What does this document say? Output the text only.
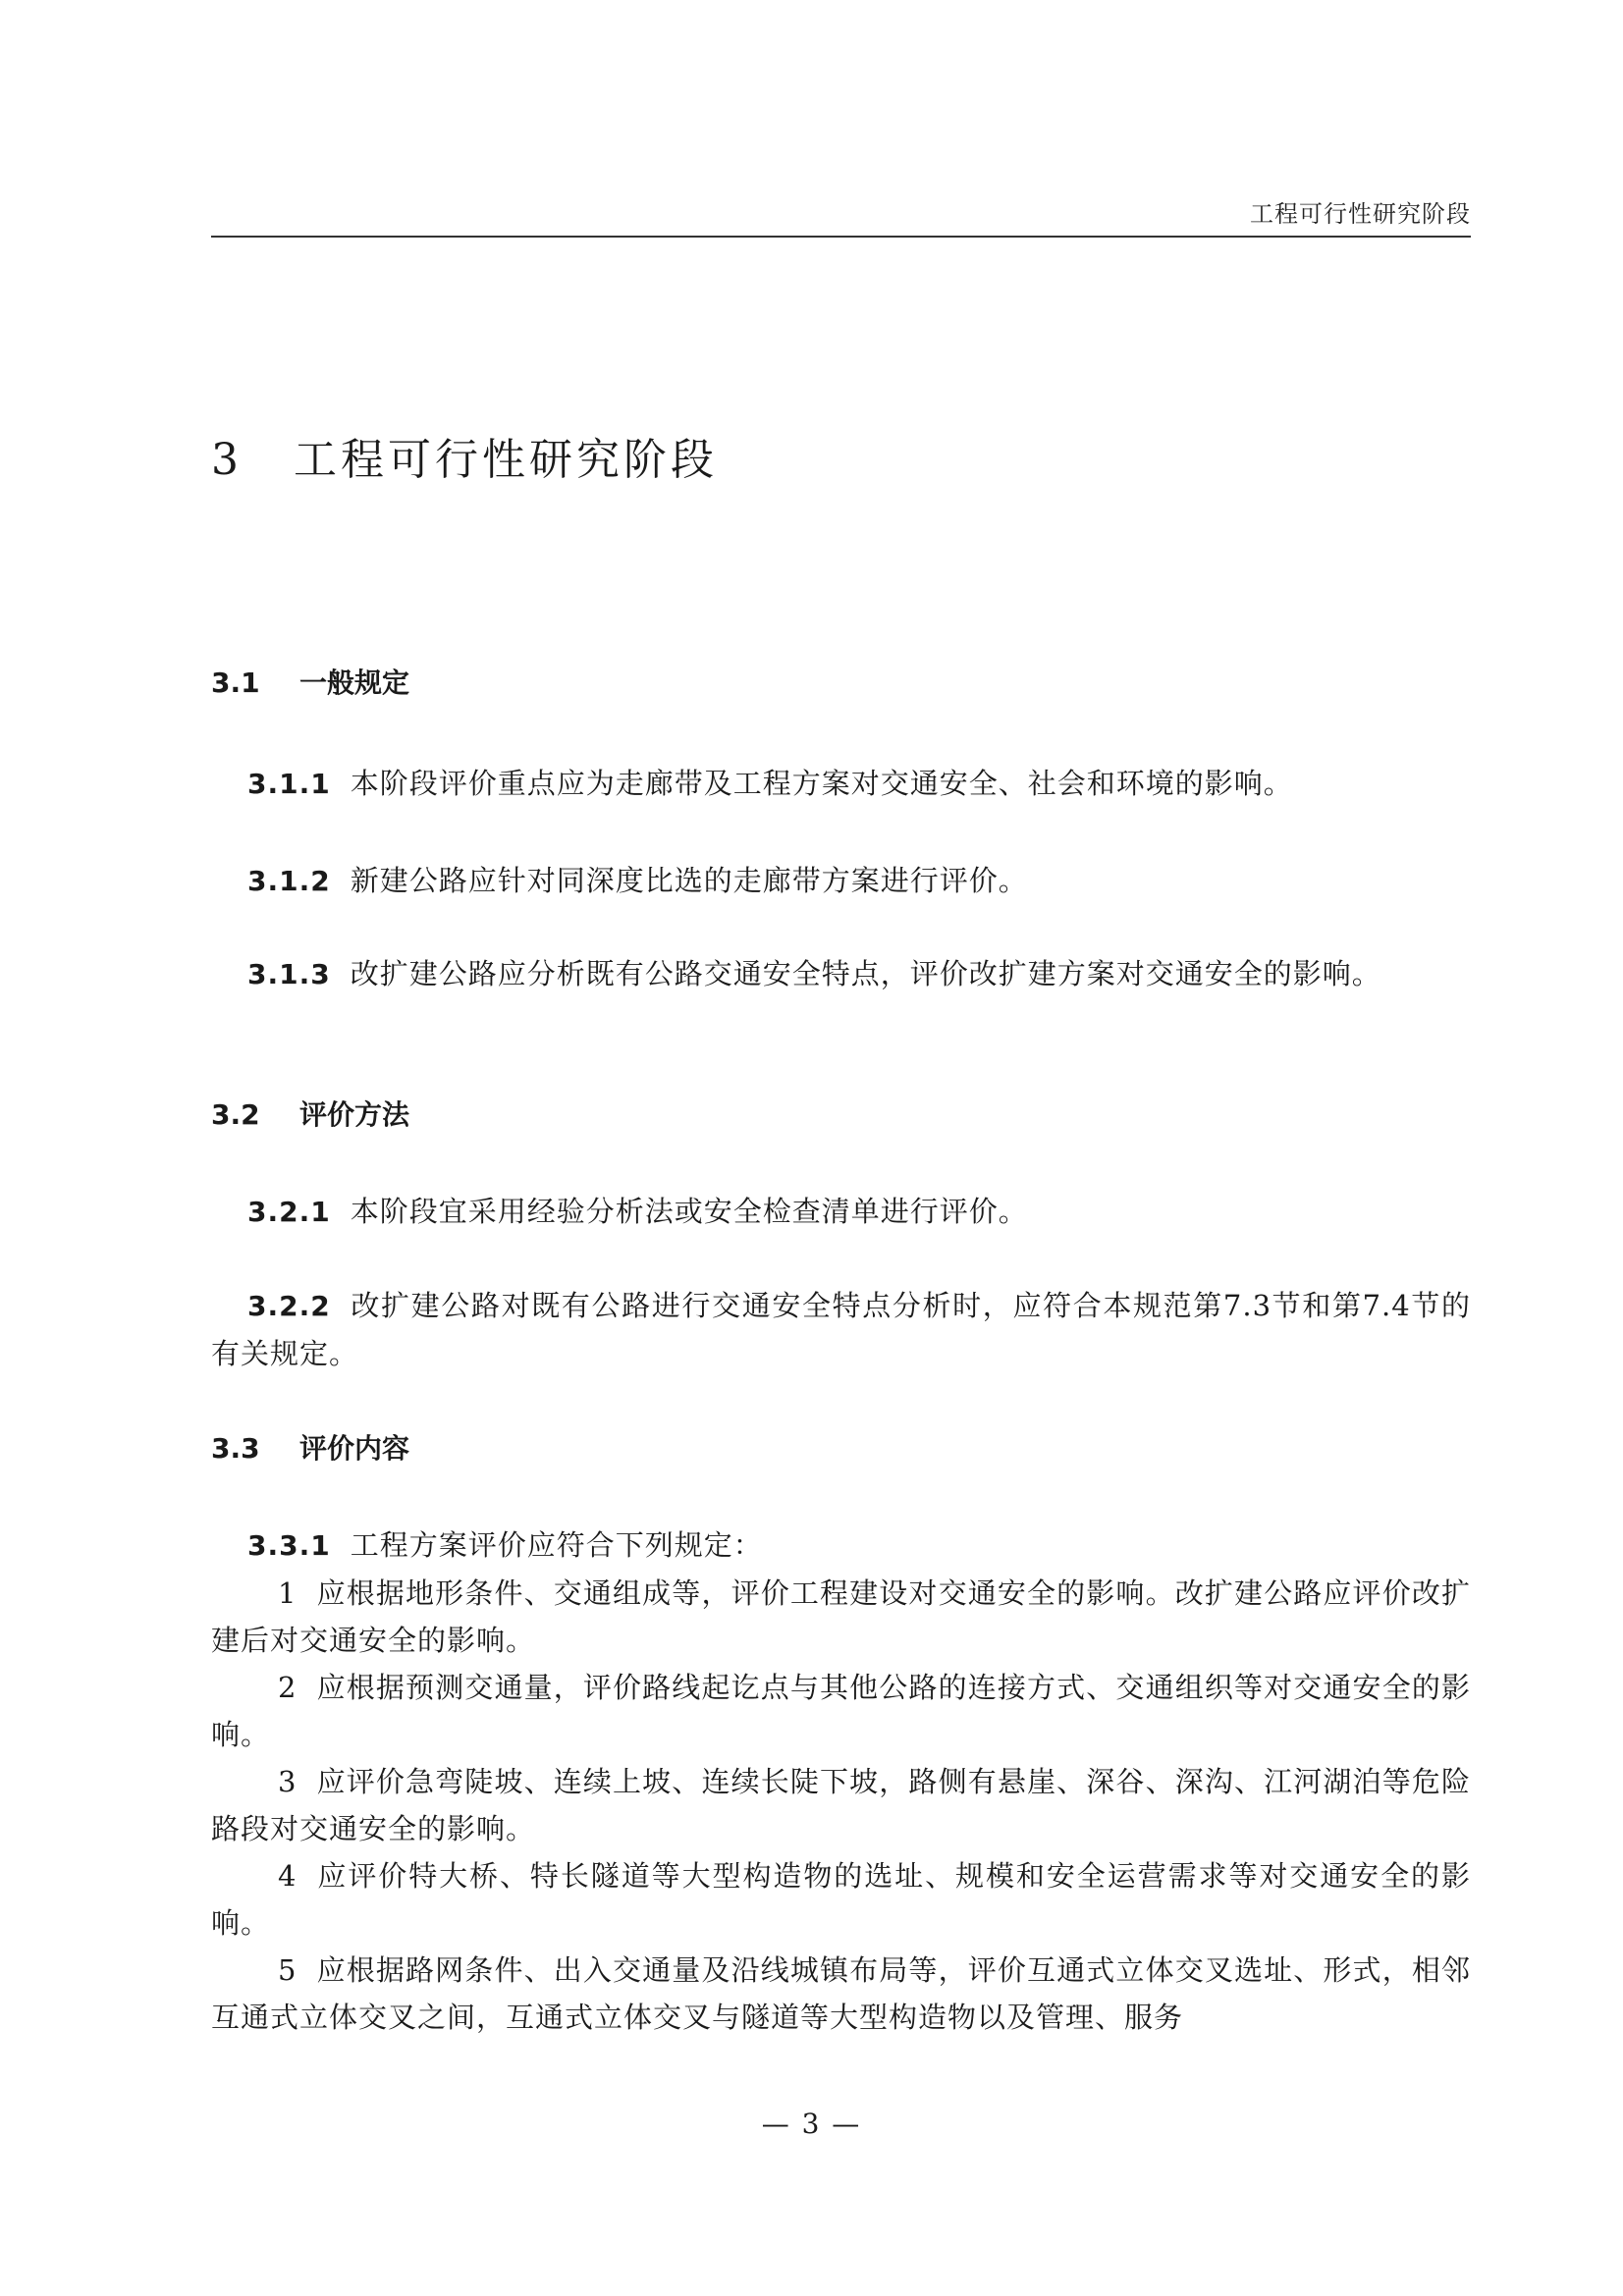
工程可行性研究阶段
3 工程可行性研究阶段
3.1 一般规定
3.1.1 本阶段评价重点应为走廊带及工程方案对交通安全、社会和环境的影响。
3.1.2 新建公路应针对同深度比选的走廊带方案进行评价。
3.1.3 改扩建公路应分析既有公路交通安全特点，评价改扩建方案对交通安全的影响。
3.2 评价方法
3.2.1 本阶段宜采用经验分析法或安全检查清单进行评价。
3.2.2 改扩建公路对既有公路进行交通安全特点分析时，应符合本规范第7.3节和第7.4节的有关规定。
3.3 评价内容
3.3.1 工程方案评价应符合下列规定：
1 应根据地形条件、交通组成等，评价工程建设对交通安全的影响。改扩建公路应评价改扩建后对交通安全的影响。
2 应根据预测交通量，评价路线起讫点与其他公路的连接方式、交通组织等对交通安全的影响。
3 应评价急弯陡坡、连续上坡、连续长陡下坡，路侧有悬崖、深谷、深沟、江河湖泊等危险路段对交通安全的影响。
4 应评价特大桥、特长隧道等大型构造物的选址、规模和安全运营需求等对交通安全的影响。
5 应根据路网条件、出入交通量及沿线城镇布局等，评价互通式立体交叉选址、形式，相邻互通式立体交叉之间，互通式立体交叉与隧道等大型构造物以及管理、服务
— 3 —
